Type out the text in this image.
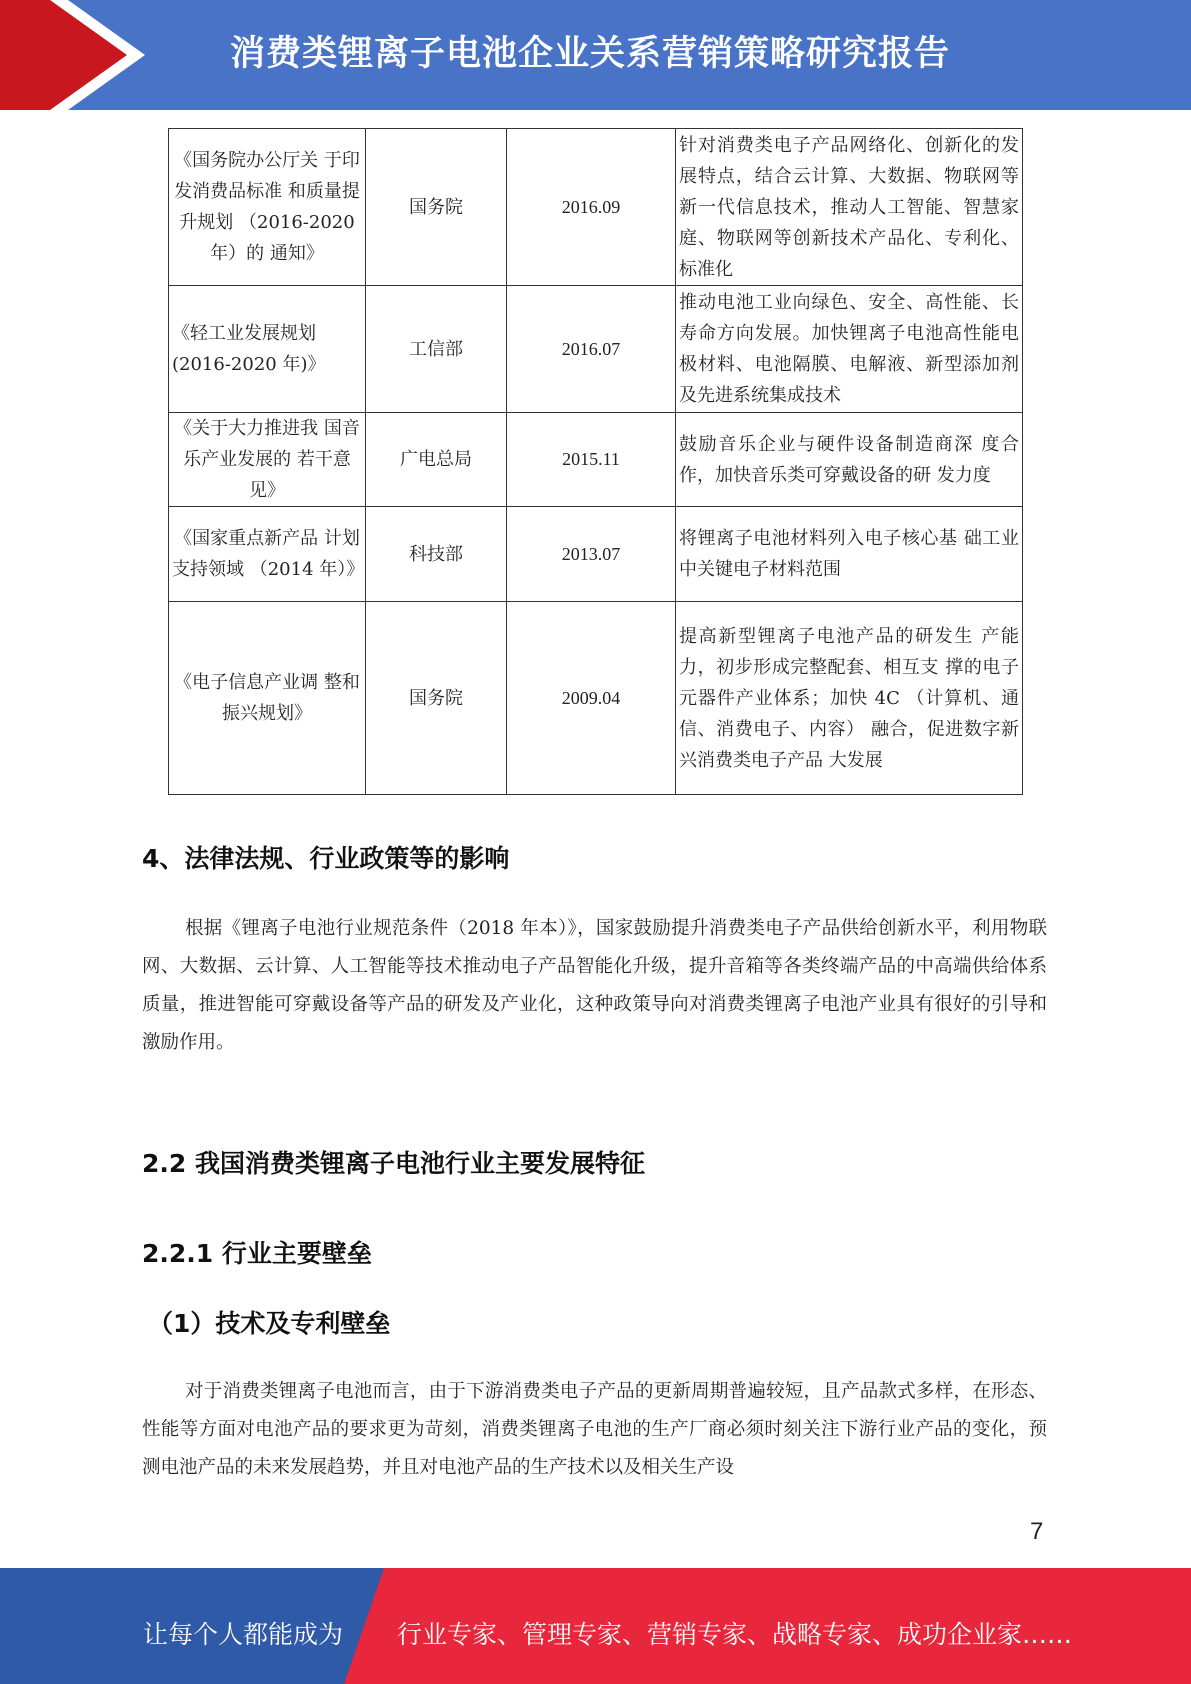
消费类锂离子电池企业关系营销策略研究报告
《国务院办公厅关 于印发消费品标准 和质量提升规划 （2016-2020 年）的 通知》	国务院	2016.09	针对消费类电子产品网络化、创新化的发展特点，结合云计算、大数据、物联网等新一代信息技术，推动人工智能、智慧家庭、物联网等创新技术产品化、专利化、标准化
《轻工业发展规划 (2016-2020 年)》	工信部	2016.07	推动电池工业向绿色、安全、高性能、长寿命方向发展。加快锂离子电池高性能电极材料、电池隔膜、电解液、新型添加剂及先进系统集成技术
《关于大力推进我 国音乐产业发展的 若干意见》	广电总局	2015.11	鼓励音乐企业与硬件设备制造商深 度合作，加快音乐类可穿戴设备的研 发力度
《国家重点新产品 计划支持领域 （2014 年）》	科技部	2013.07	将锂离子电池材料列入电子核心基 础工业中关键电子材料范围
《电子信息产业调 整和振兴规划》	国务院	2009.04	提高新型锂离子电池产品的研发生 产能力，初步形成完整配套、相互支 撑的电子元器件产业体系；加快 4C （计算机、通信、消费电子、内容） 融合，促进数字新兴消费类电子产品 大发展
4、法律法规、行业政策等的影响
根据《锂离子电池行业规范条件（2018 年本）》，国家鼓励提升消费类电子产品供给创新水平，利用物联网、大数据、云计算、人工智能等技术推动电子产品智能化升级，提升音箱等各类终端产品的中高端供给体系质量，推进智能可穿戴设备等产品的研发及产业化，这种政策导向对消费类锂离子电池产业具有很好的引导和激励作用。
2.2 我国消费类锂离子电池行业主要发展特征
2.2.1 行业主要壁垒
（1）技术及专利壁垒
对于消费类锂离子电池而言，由于下游消费类电子产品的更新周期普遍较短，且产品款式多样，在形态、性能等方面对电池产品的要求更为苛刻，消费类锂离子电池的生产厂商必须时刻关注下游行业产品的变化，预测电池产品的未来发展趋势，并且对电池产品的生产技术以及相关生产设
7
让每个人都能成为 行业专家、管理专家、营销专家、战略专家、成功企业家……
